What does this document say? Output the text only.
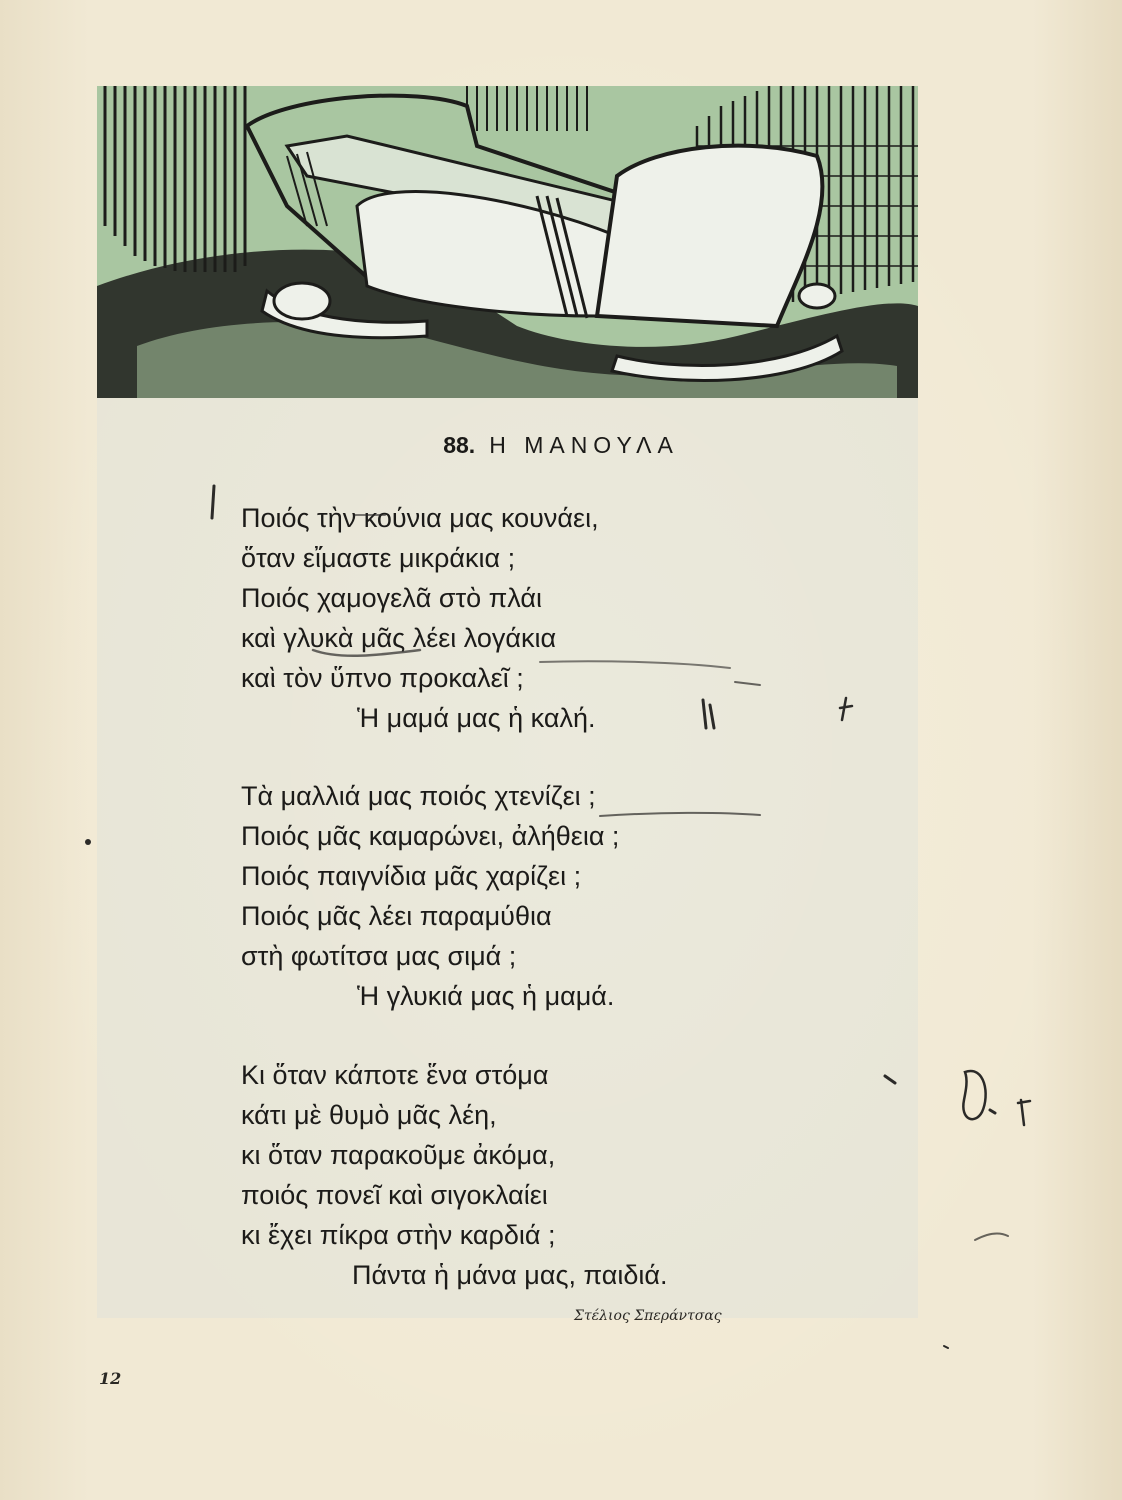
88. Η ΜΑΝΟΥΛΑ
Ποιός τὴν κούνια μας κουνάει,
ὅταν εἴμαστε μικράκια ;
Ποιός χαμογελᾶ στὸ πλάι
καὶ γλυκὰ μᾶς λέει λογάκια
καὶ τὸν ὕπνο προκαλεῖ ;
Ἡ μαμά μας ἡ καλή.
Τὰ μαλλιά μας ποιός χτενίζει ;
Ποιός μᾶς καμαρώνει, ἀλήθεια ;
Ποιός παιγνίδια μᾶς χαρίζει ;
Ποιός μᾶς λέει παραμύθια
στὴ φωτίτσα μας σιμά ;
Ἡ γλυκιά μας ἡ μαμά.
Κι ὅταν κάποτε ἕνα στόμα
κάτι μὲ θυμὸ μᾶς λέη,
κι ὅταν παρακοῦμε ἀκόμα,
ποιός πονεῖ καὶ σιγοκλαίει
κι ἔχει πίκρα στὴν καρδιά ;
Πάντα ἡ μάνα μας, παιδιά.
Στέλιος Σπεράντσας
12
